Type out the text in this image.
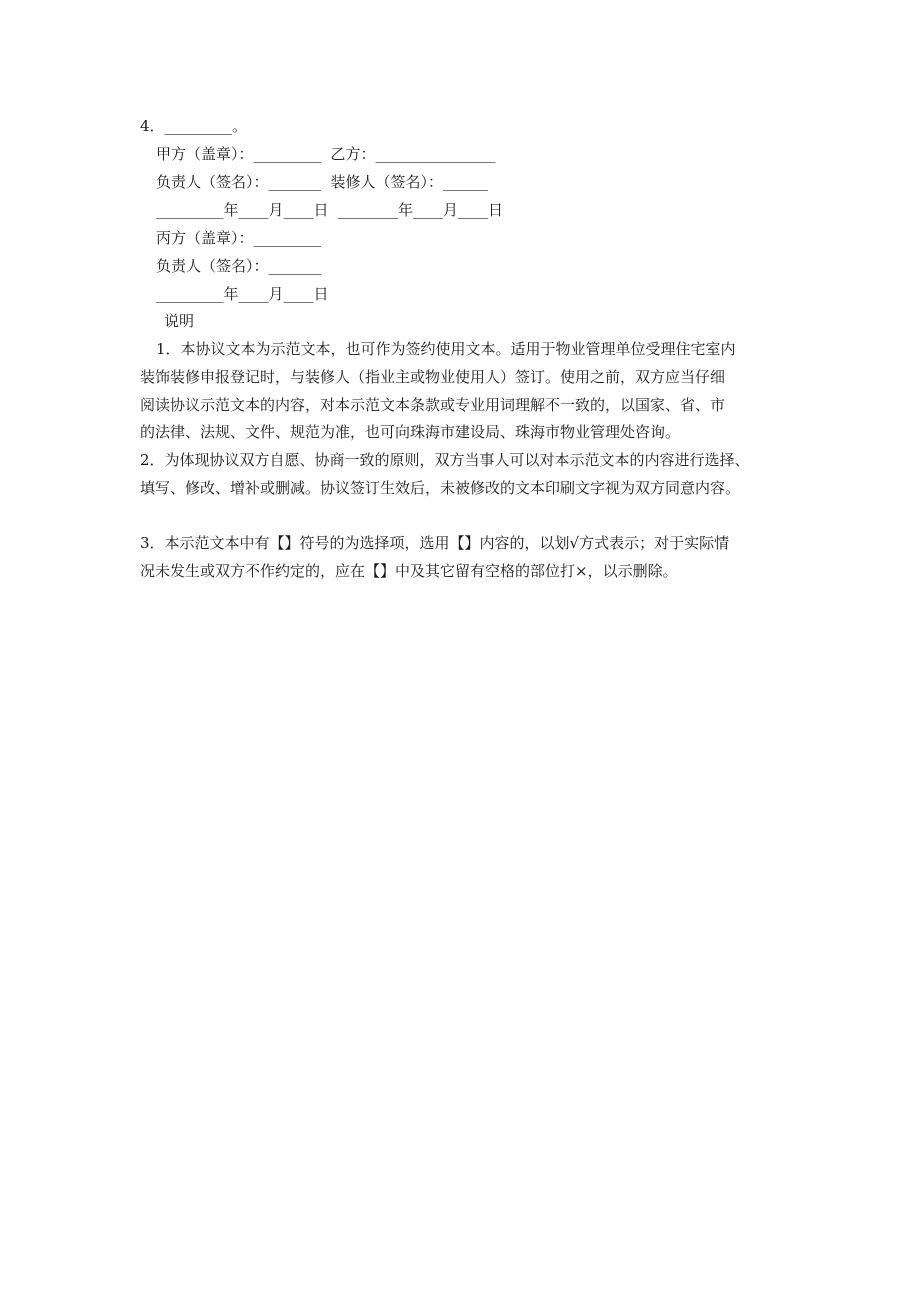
4．_________。
甲方（盖章）：_________  乙方：________________
负责人（签名）：_______  装修人（签名）：______
_________年____月____日  ________年____月____日
丙方（盖章）：_________
负责人（签名）：_______
_________年____月____日
说明
1．本协议文本为示范文本，也可作为签约使用文本。适用于物业管理单位受理住宅室内
装饰装修申报登记时，与装修人（指业主或物业使用人）签订。使用之前，双方应当仔细
阅读协议示范文本的内容，对本示范文本条款或专业用词理解不一致的，以国家、省、市
的法律、法规、文件、规范为准，也可向珠海市建设局、珠海市物业管理处咨询。
2．为体现协议双方自愿、协商一致的原则，双方当事人可以对本示范文本的内容进行选择、
填写、修改、增补或删减。协议签订生效后，未被修改的文本印刷文字视为双方同意内容。
3．本示范文本中有【】符号的为选择项，选用【】内容的，以划√方式表示；对于实际情
况未发生或双方不作约定的，应在【】中及其它留有空格的部位打×，以示删除。
